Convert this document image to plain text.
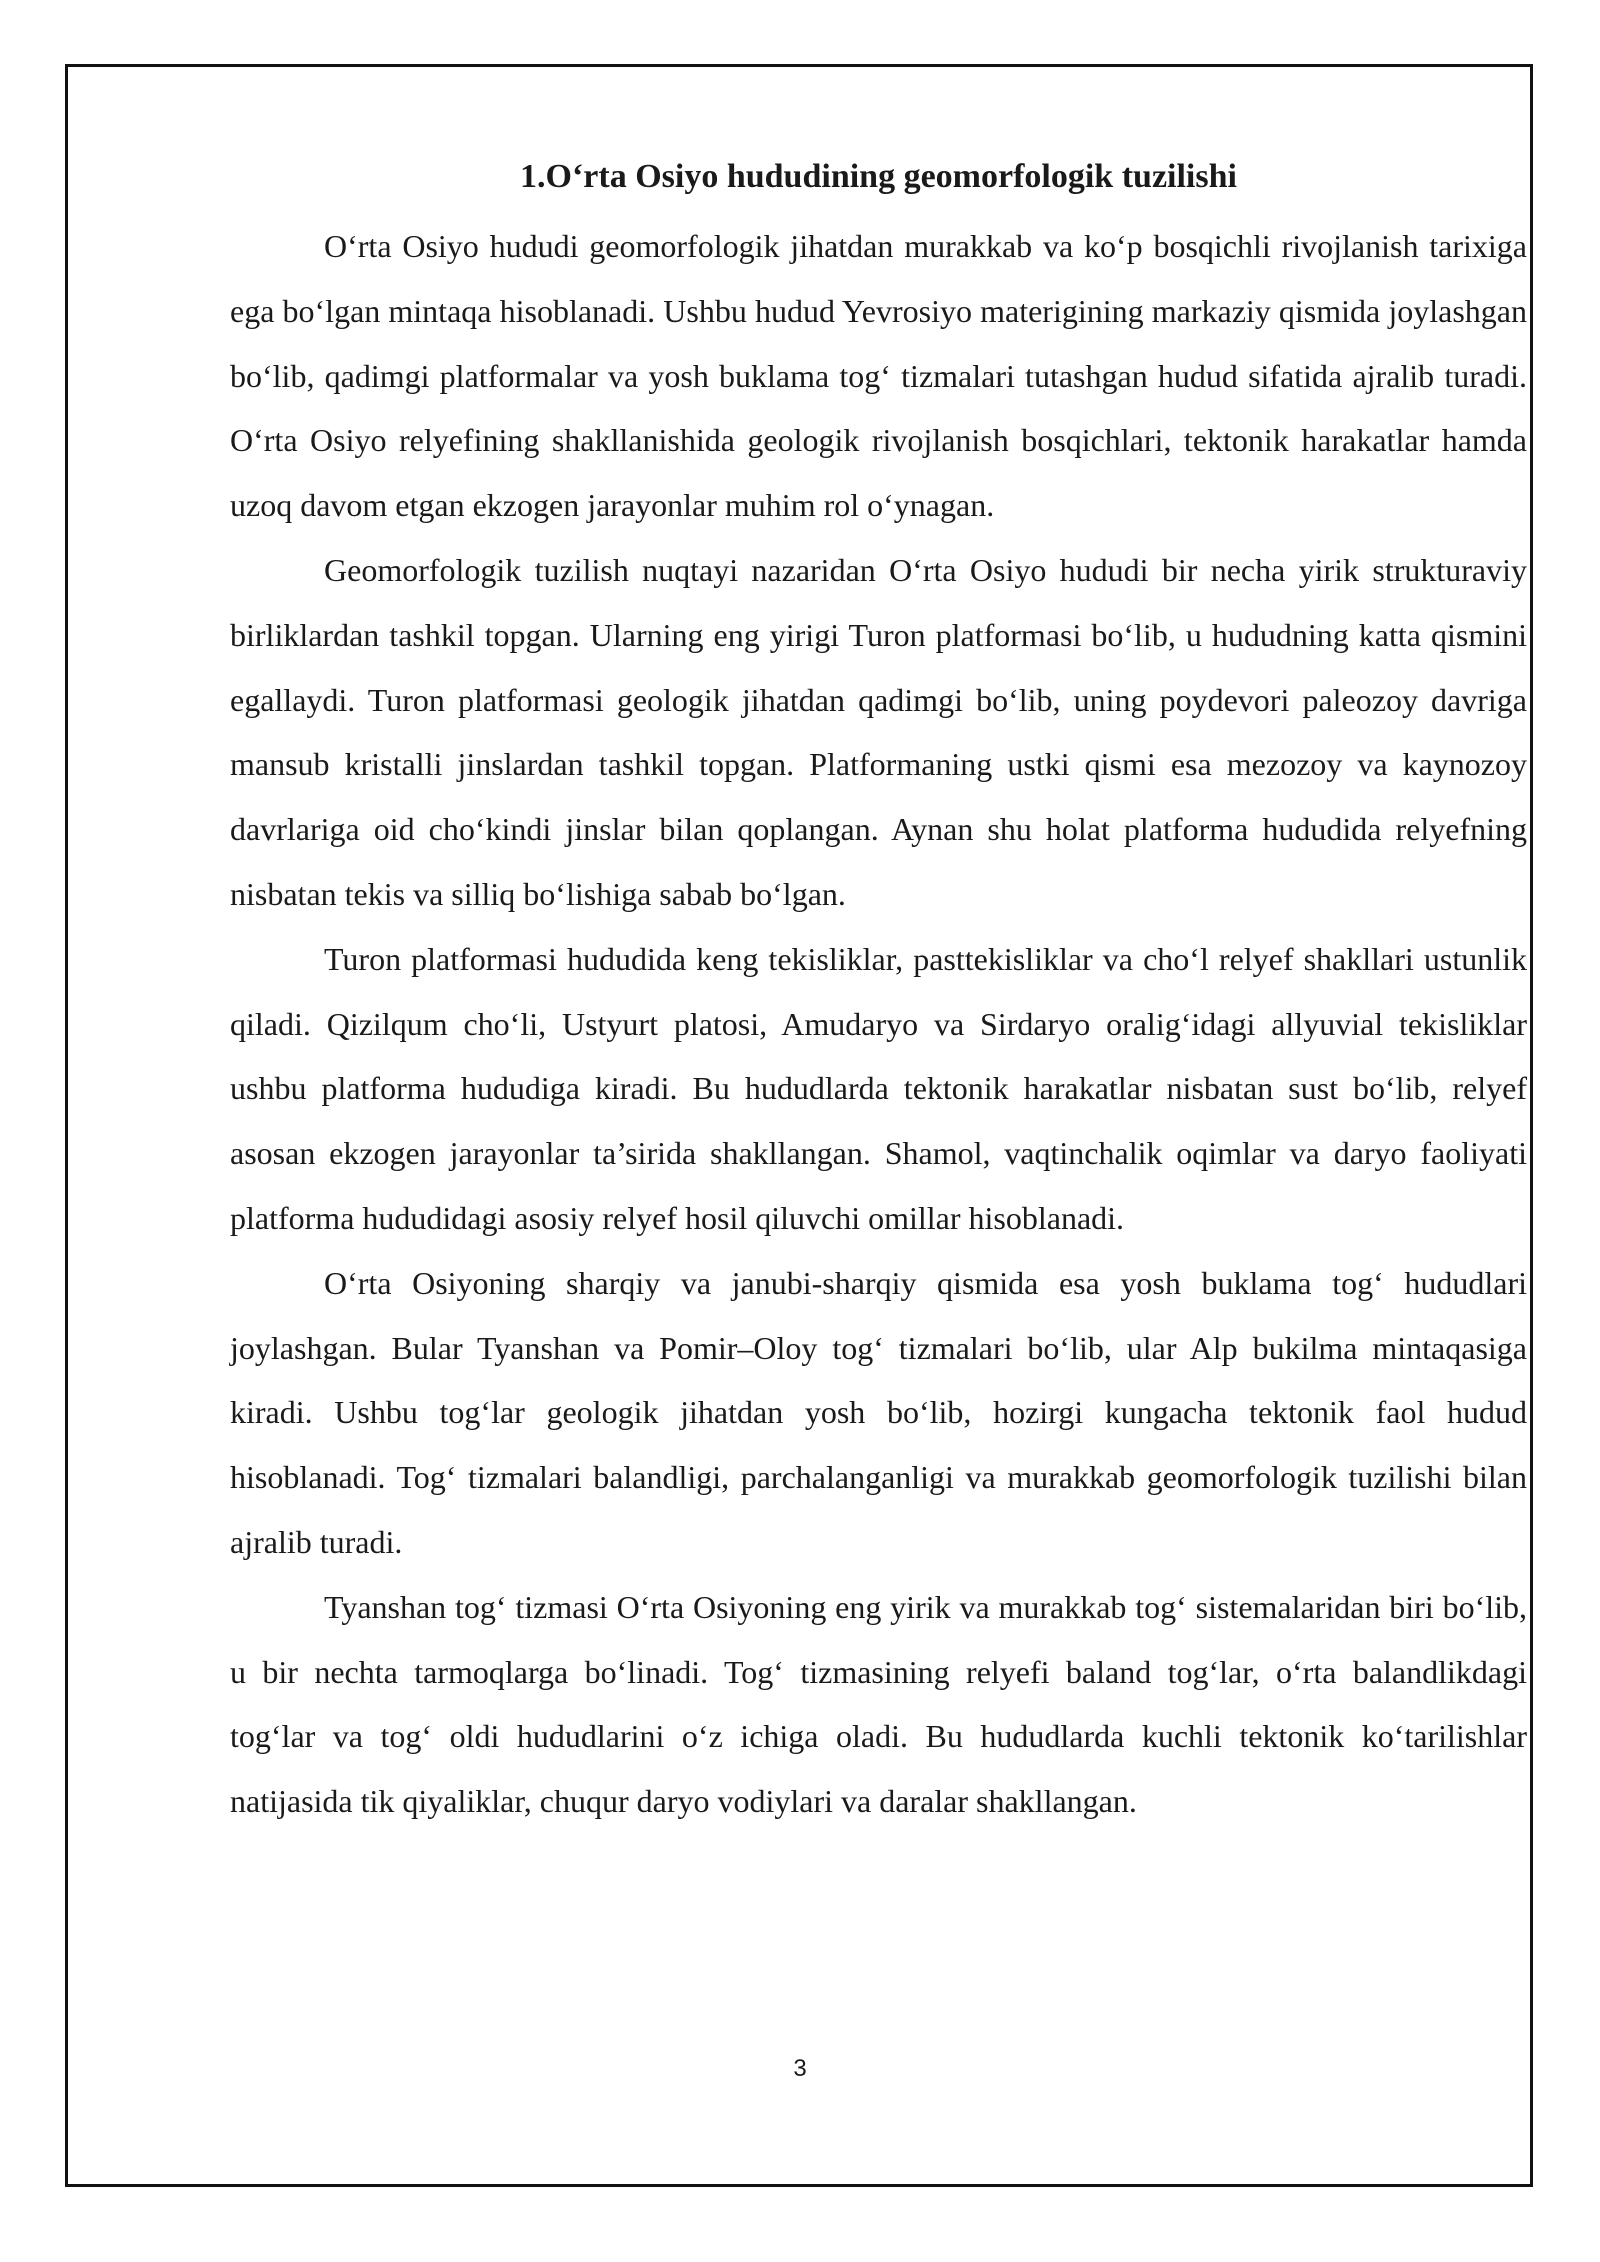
1.O‘rta Osiyo hududining geomorfologik tuzilishi

O‘rta Osiyo hududi geomorfologik jihatdan murakkab va ko‘p bosqichli rivojlanish tarixiga ega bo‘lgan mintaqa hisoblanadi. Ushbu hudud Yevrosiyo materigining markaziy qismida joylashgan bo‘lib, qadimgi platformalar va yosh buklama tog‘ tizmalari tutashgan hudud sifatida ajralib turadi. O‘rta Osiyo relyefining shakllanishida geologik rivojlanish bosqichlari, tektonik harakatlar hamda uzoq davom etgan ekzogen jarayonlar muhim rol o‘ynagan.

Geomorfologik tuzilish nuqtayi nazaridan O‘rta Osiyo hududi bir necha yirik strukturaviy birliklardan tashkil topgan. Ularning eng yirigi Turon platformasi bo‘lib, u hududning katta qismini egallaydi. Turon platformasi geologik jihatdan qadimgi bo‘lib, uning poydevori paleozoy davriga mansub kristalli jinslardan tashkil topgan. Platformaning ustki qismi esa mezozoy va kaynozoy davrlariga oid cho‘kindi jinslar bilan qoplangan. Aynan shu holat platforma hududida relyefning nisbatan tekis va silliq bo‘lishiga sabab bo‘lgan.

Turon platformasi hududida keng tekisliklar, pasttekisliklar va cho‘l relyef shakllari ustunlik qiladi. Qizilqum cho‘li, Ustyurt platosi, Amudaryo va Sirdaryo oralig‘idagi allyuvial tekisliklar ushbu platforma hududiga kiradi. Bu hududlarda tektonik harakatlar nisbatan sust bo‘lib, relyef asosan ekzogen jarayonlar ta’sirida shakllangan. Shamol, vaqtinchalik oqimlar va daryo faoliyati platforma hududidagi asosiy relyef hosil qiluvchi omillar hisoblanadi.

O‘rta Osiyoning sharqiy va janubi-sharqiy qismida esa yosh buklama tog‘ hududlari joylashgan. Bular Tyanshan va Pomir–Oloy tog‘ tizmalari bo‘lib, ular Alp bukilma mintaqasiga kiradi. Ushbu tog‘lar geologik jihatdan yosh bo‘lib, hozirgi kungacha tektonik faol hudud hisoblanadi. Tog‘ tizmalari balandligi, parchalanganligi va murakkab geomorfologik tuzilishi bilan ajralib turadi.

Tyanshan tog‘ tizmasi O‘rta Osiyoning eng yirik va murakkab tog‘ sistemalaridan biri bo‘lib, u bir nechta tarmoqlarga bo‘linadi. Tog‘ tizmasining relyefi baland tog‘lar, o‘rta balandlikdagi tog‘lar va tog‘ oldi hududlarini o‘z ichiga oladi. Bu hududlarda kuchli tektonik ko‘tarilishlar natijasida tik qiyaliklar, chuqur daryo vodiylari va daralar shakllangan.

3
